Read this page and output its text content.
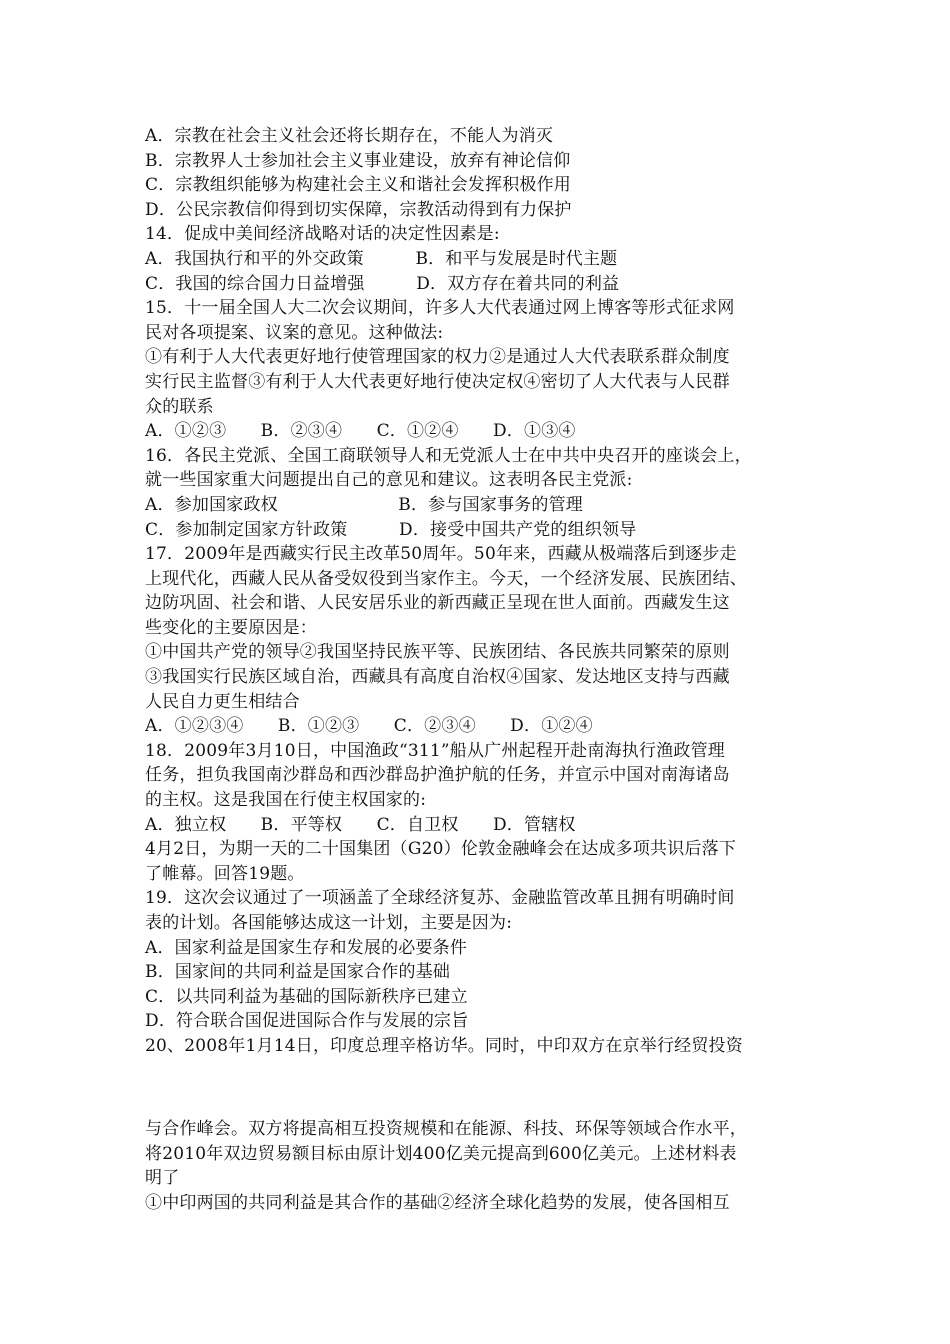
A．宗教在社会主义社会还将长期存在，不能人为消灭
B．宗教界人士参加社会主义事业建设，放弃有神论信仰
C．宗教组织能够为构建社会主义和谐社会发挥积极作用
D．公民宗教信仰得到切实保障，宗教活动得到有力保护
14．促成中美间经济战略对话的决定性因素是:
A．我国执行和平的外交政策　　　B．和平与发展是时代主题
C．我国的综合国力日益增强　　　D．双方存在着共同的利益
15．十一届全国人大二次会议期间，许多人大代表通过网上博客等形式征求网
民对各项提案、议案的意见。这种做法:
①有利于人大代表更好地行使管理国家的权力②是通过人大代表联系群众制度
实行民主监督③有利于人大代表更好地行使决定权④密切了人大代表与人民群
众的联系
A．①②③　　B．②③④　　C．①②④　　D．①③④
16．各民主党派、全国工商联领导人和无党派人士在中共中央召开的座谈会上，
就一些国家重大问题提出自己的意见和建议。这表明各民主党派:
A．参加国家政权　　　　　　　B．参与国家事务的管理
C．参加制定国家方针政策　　　D．接受中国共产党的组织领导
17．2009年是西藏实行民主改革50周年。50年来，西藏从极端落后到逐步走
上现代化，西藏人民从备受奴役到当家作主。今天，一个经济发展、民族团结、
边防巩固、社会和谐、人民安居乐业的新西藏正呈现在世人面前。西藏发生这
些变化的主要原因是：
①中国共产党的领导②我国坚持民族平等、民族团结、各民族共同繁荣的原则
③我国实行民族区域自治，西藏具有高度自治权④国家、发达地区支持与西藏
人民自力更生相结合
A．①②③④　　B．①②③　　C．②③④　　D．①②④
18．2009年3月10日，中国渔政“311”船从广州起程开赴南海执行渔政管理
任务，担负我国南沙群岛和西沙群岛护渔护航的任务，并宣示中国对南海诸岛
的主权。这是我国在行使主权国家的:
A．独立权　　B．平等权　　C．自卫权　　D．管辖权
4月2日，为期一天的二十国集团（G20）伦敦金融峰会在达成多项共识后落下
了帷幕。回答19题。
19．这次会议通过了一项涵盖了全球经济复苏、金融监管改革且拥有明确时间
表的计划。各国能够达成这一计划，主要是因为:
A．国家利益是国家生存和发展的必要条件
B．国家间的共同利益是国家合作的基础
C．以共同利益为基础的国际新秩序已建立
D．符合联合国促进国际合作与发展的宗旨
20、2008年1月14日，印度总理辛格访华。同时，中印双方在京举行经贸投资
与合作峰会。双方将提高相互投资规模和在能源、科技、环保等领域合作水平，
将2010年双边贸易额目标由原计划400亿美元提高到600亿美元。上述材料表
明了
①中印两国的共同利益是其合作的基础②经济全球化趋势的发展，使各国相互
